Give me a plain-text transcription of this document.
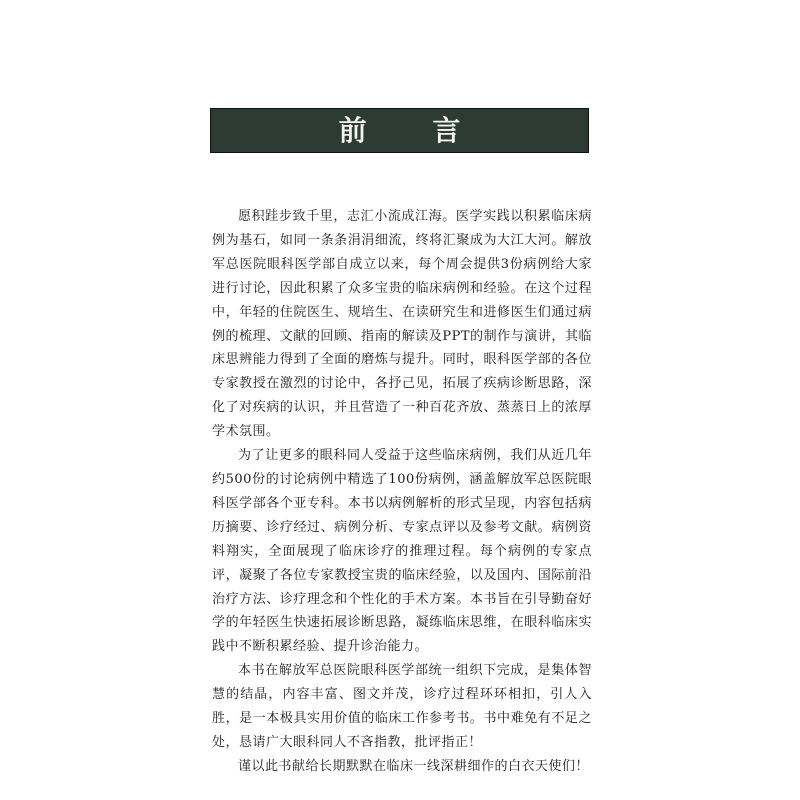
前 言

愿积跬步致千里，志汇小流成江海。医学实践以积累临床病例为基石，如同一条条涓涓细流，终将汇聚成为大江大河。解放军总医院眼科医学部自成立以来，每个周会提供3份病例给大家进行讨论，因此积累了众多宝贵的临床病例和经验。在这个过程中，年轻的住院医生、规培生、在读研究生和进修医生们通过病例的梳理、文献的回顾、指南的解读及PPT的制作与演讲，其临床思辨能力得到了全面的磨炼与提升。同时，眼科医学部的各位专家教授在激烈的讨论中，各抒己见，拓展了疾病诊断思路，深化了对疾病的认识，并且营造了一种百花齐放、蒸蒸日上的浓厚学术氛围。

为了让更多的眼科同人受益于这些临床病例，我们从近几年约500份的讨论病例中精选了100份病例，涵盖解放军总医院眼科医学部各个亚专科。本书以病例解析的形式呈现，内容包括病历摘要、诊疗经过、病例分析、专家点评以及参考文献。病例资料翔实，全面展现了临床诊疗的推理过程。每个病例的专家点评，凝聚了各位专家教授宝贵的临床经验，以及国内、国际前沿治疗方法、诊疗理念和个性化的手术方案。本书旨在引导勤奋好学的年轻医生快速拓展诊断思路，凝练临床思维，在眼科临床实践中不断积累经验、提升诊治能力。

本书在解放军总医院眼科医学部统一组织下完成，是集体智慧的结晶，内容丰富、图文并茂，诊疗过程环环相扣，引人入胜，是一本极具实用价值的临床工作参考书。书中难免有不足之处，恳请广大眼科同人不吝指教，批评指正！

谨以此书献给长期默默在临床一线深耕细作的白衣天使们！
